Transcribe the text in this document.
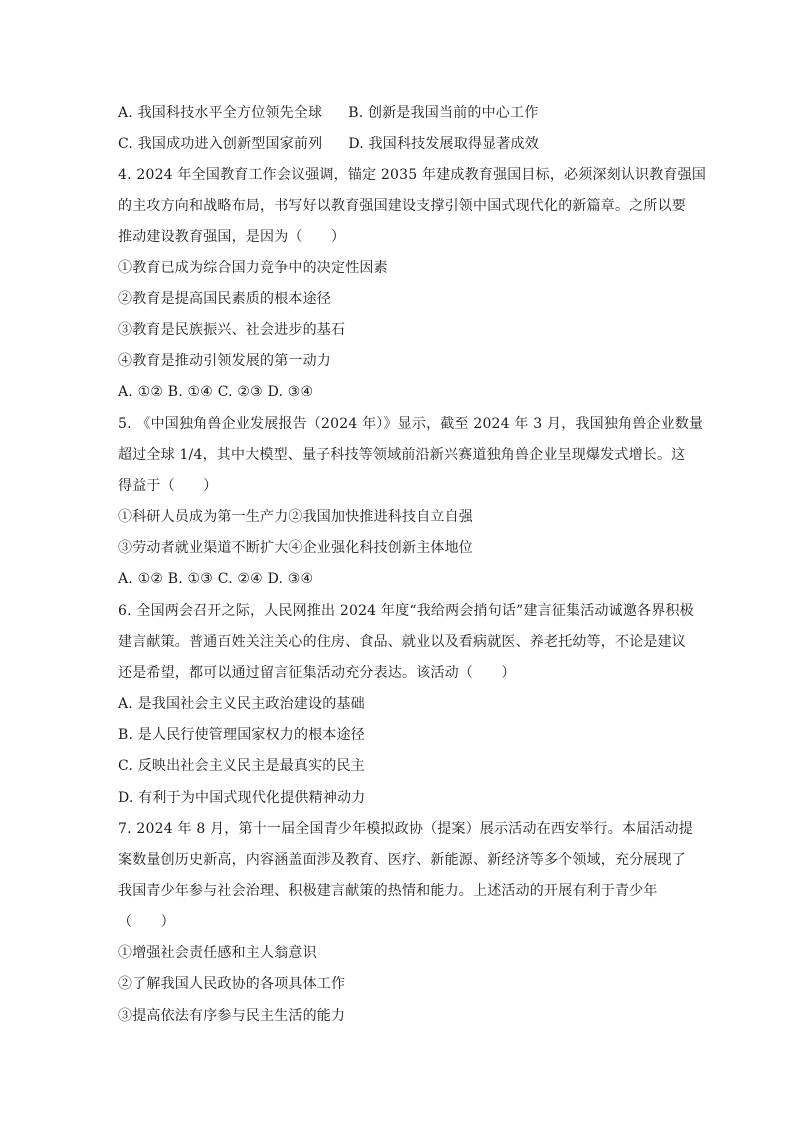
A. 我国科技水平全方位领先全球 B. 创新是我国当前的中心工作
C. 我国成功进入创新型国家前列 D. 我国科技发展取得显著成效
4. 2024 年全国教育工作会议强调，锚定 2035 年建成教育强国目标，必须深刻认识教育强国
的主攻方向和战略布局，书写好以教育强国建设支撑引领中国式现代化的新篇章。之所以要
推动建设教育强国，是因为（　　）
①教育已成为综合国力竞争中的决定性因素
②教育是提高国民素质的根本途径
③教育是民族振兴、社会进步的基石
④教育是推动引领发展的第一动力
A. ①② B. ①④ C. ②③ D. ③④
5. 《中国独角兽企业发展报告（2024 年）》显示，截至 2024 年 3 月，我国独角兽企业数量
超过全球 1/4，其中大模型、量子科技等领域前沿新兴赛道独角兽企业呈现爆发式增长。这
得益于（　　）
①科研人员成为第一生产力②我国加快推进科技自立自强
③劳动者就业渠道不断扩大④企业强化科技创新主体地位
A. ①② B. ①③ C. ②④ D. ③④
6. 全国两会召开之际，人民网推出 2024 年度“我给两会捎句话”建言征集活动诚邀各界积极
建言献策。普通百姓关注关心的住房、食品、就业以及看病就医、养老托幼等，不论是建议
还是希望，都可以通过留言征集活动充分表达。该活动（　　）
A. 是我国社会主义民主政治建设的基础
B. 是人民行使管理国家权力的根本途径
C. 反映出社会主义民主是最真实的民主
D. 有利于为中国式现代化提供精神动力
7. 2024 年 8 月，第十一届全国青少年模拟政协（提案）展示活动在西安举行。本届活动提
案数量创历史新高，内容涵盖面涉及教育、医疗、新能源、新经济等多个领域，充分展现了
我国青少年参与社会治理、积极建言献策的热情和能力。上述活动的开展有利于青少年
（　　）
①增强社会责任感和主人翁意识
②了解我国人民政协的各项具体工作
③提高依法有序参与民主生活的能力
